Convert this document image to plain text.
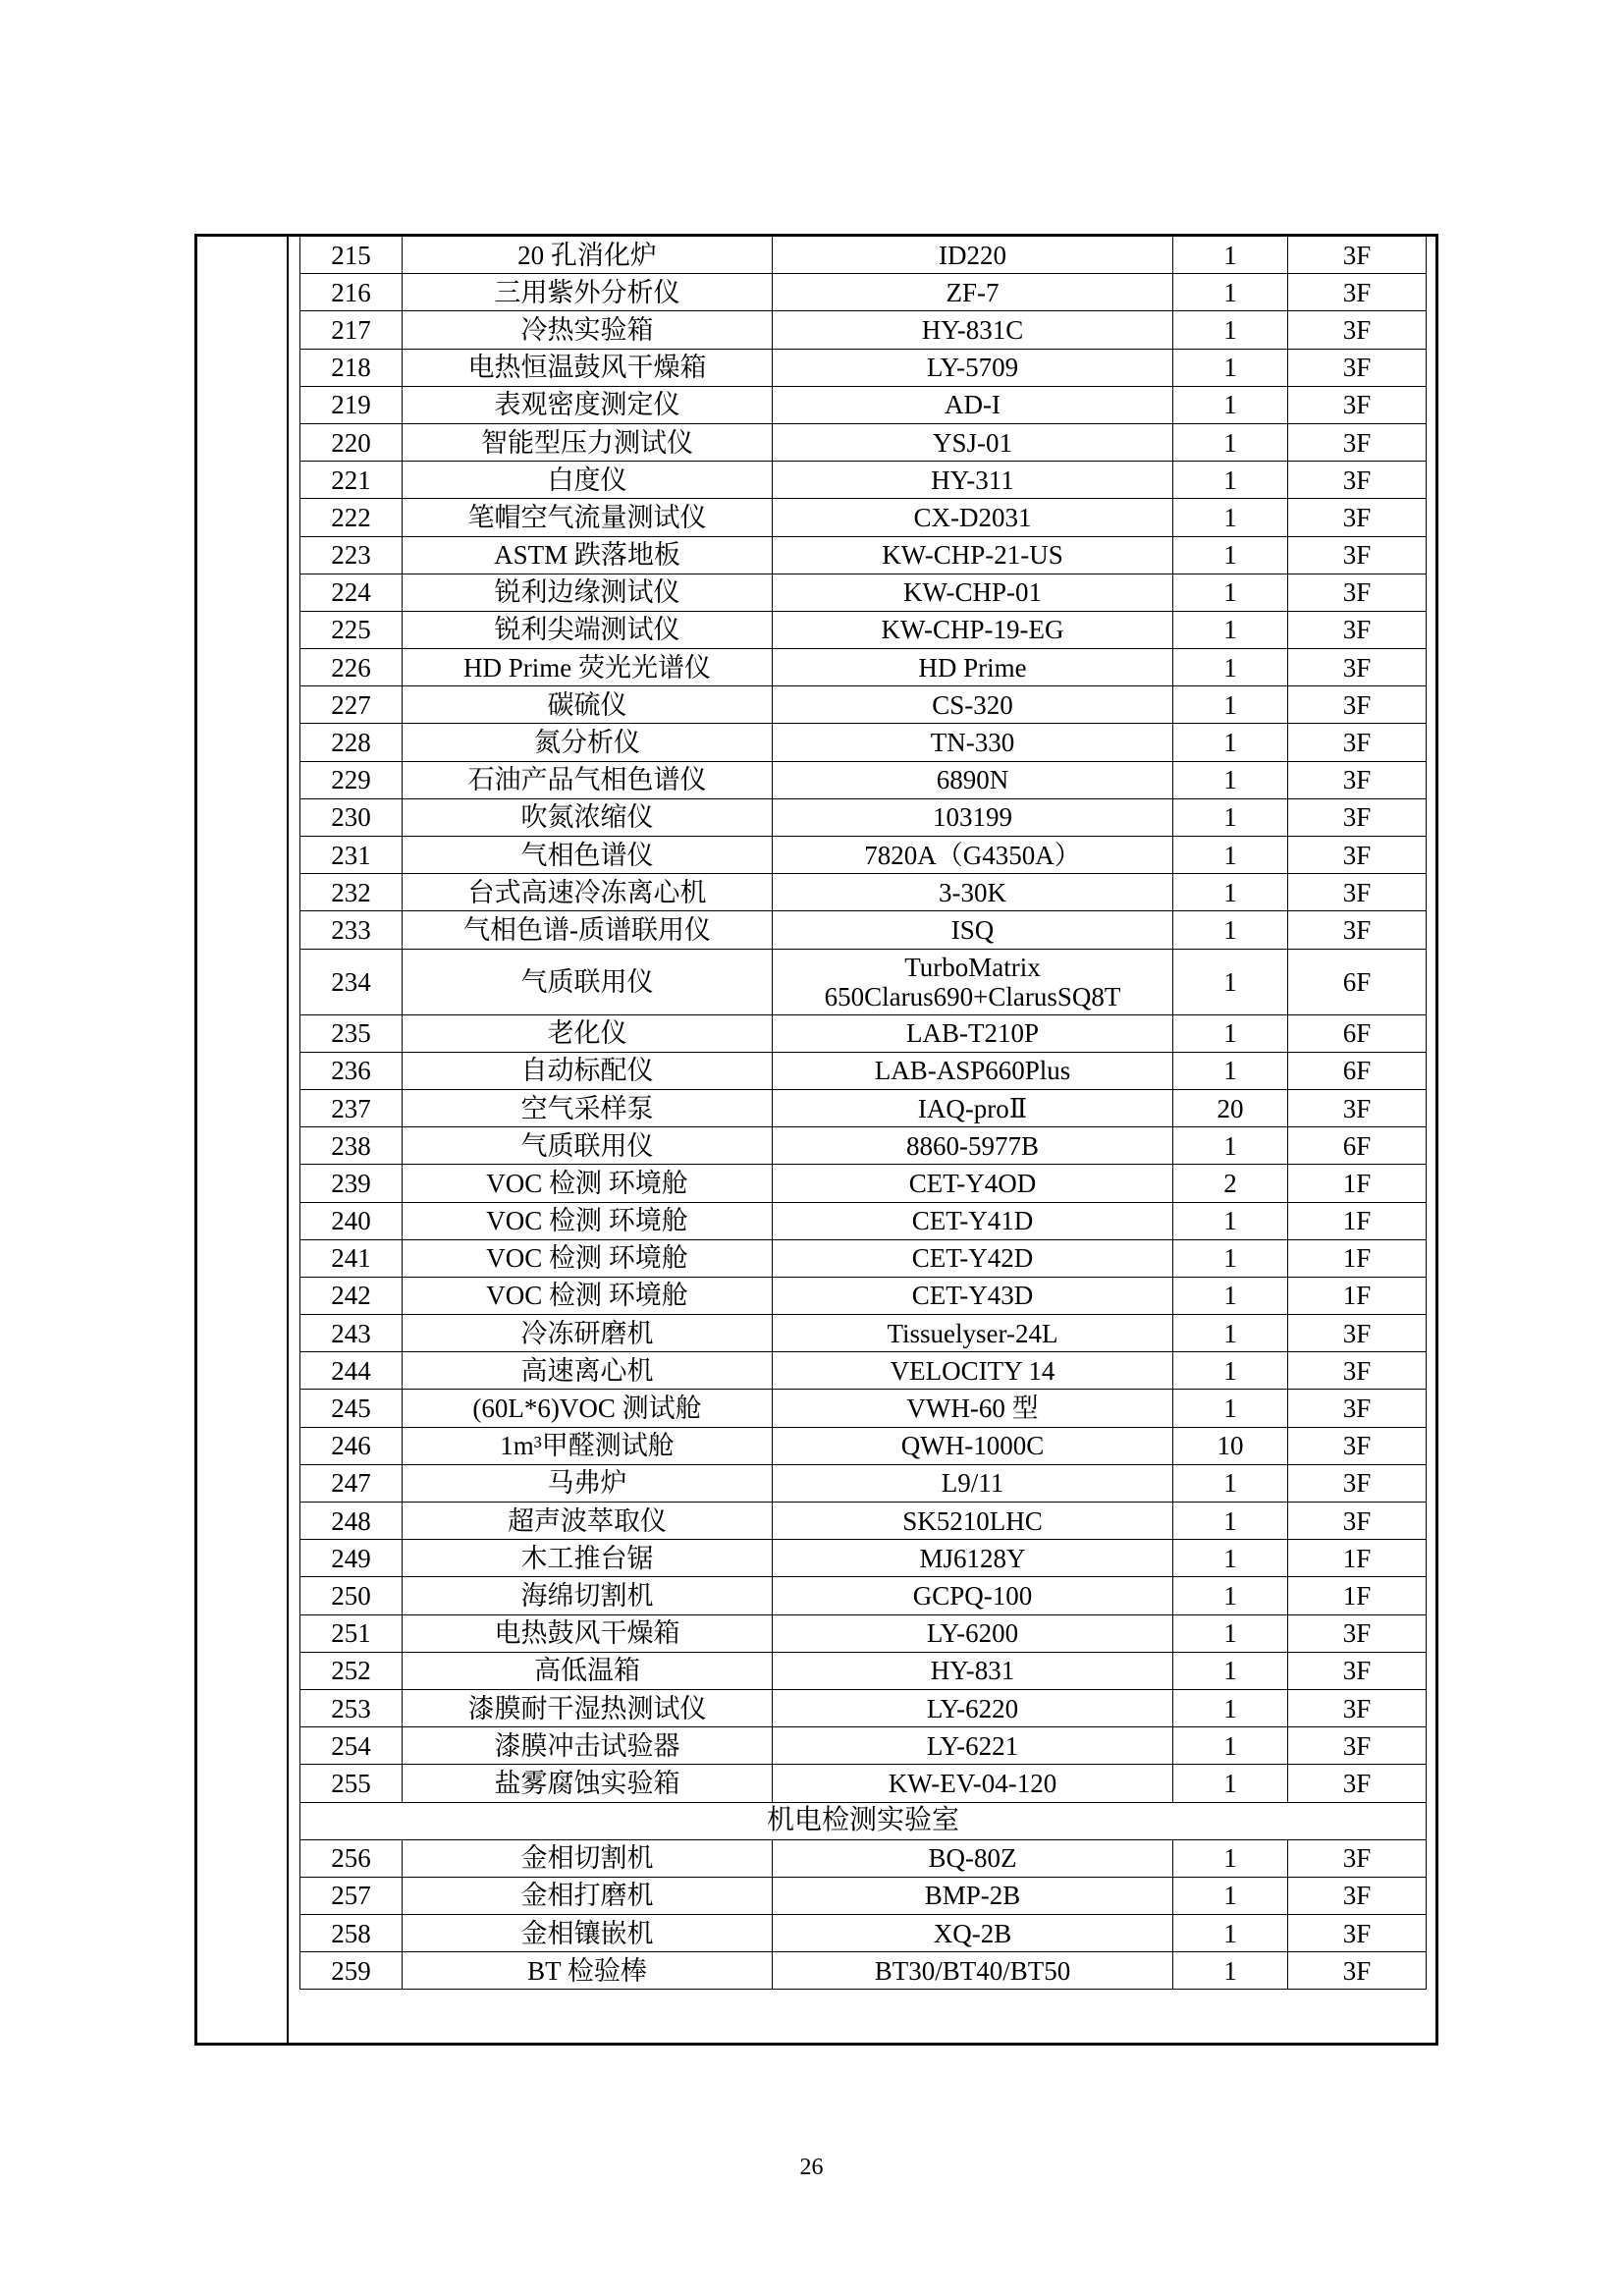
215	20 孔消化炉	ID220	1	3F
216	三用紫外分析仪	ZF-7	1	3F
217	冷热实验箱	HY-831C	1	3F
218	电热恒温鼓风干燥箱	LY-5709	1	3F
219	表观密度测定仪	AD-I	1	3F
220	智能型压力测试仪	YSJ-01	1	3F
221	白度仪	HY-311	1	3F
222	笔帽空气流量测试仪	CX-D2031	1	3F
223	ASTM 跌落地板	KW-CHP-21-US	1	3F
224	锐利边缘测试仪	KW-CHP-01	1	3F
225	锐利尖端测试仪	KW-CHP-19-EG	1	3F
226	HD Prime 荧光光谱仪	HD Prime	1	3F
227	碳硫仪	CS-320	1	3F
228	氮分析仪	TN-330	1	3F
229	石油产品气相色谱仪	6890N	1	3F
230	吹氮浓缩仪	103199	1	3F
231	气相色谱仪	7820A（G4350A）	1	3F
232	台式高速冷冻离心机	3-30K	1	3F
233	气相色谱-质谱联用仪	ISQ	1	3F
234	气质联用仪	TurboMatrix
650Clarus690+ClarusSQ8T	1	6F
235	老化仪	LAB-T210P	1	6F
236	自动标配仪	LAB-ASP660Plus	1	6F
237	空气采样泵	IAQ-proⅡ	20	3F
238	气质联用仪	8860-5977B	1	6F
239	VOC 检测 环境舱	CET-Y4OD	2	1F
240	VOC 检测 环境舱	CET-Y41D	1	1F
241	VOC 检测 环境舱	CET-Y42D	1	1F
242	VOC 检测 环境舱	CET-Y43D	1	1F
243	冷冻研磨机	Tissuelyser-24L	1	3F
244	高速离心机	VELOCITY 14	1	3F
245	(60L*6)VOC 测试舱	VWH-60 型	1	3F
246	1m³甲醛测试舱	QWH-1000C	10	3F
247	马弗炉	L9/11	1	3F
248	超声波萃取仪	SK5210LHC	1	3F
249	木工推台锯	MJ6128Y	1	1F
250	海绵切割机	GCPQ-100	1	1F
251	电热鼓风干燥箱	LY-6200	1	3F
252	高低温箱	HY-831	1	3F
253	漆膜耐干湿热测试仪	LY-6220	1	3F
254	漆膜冲击试验器	LY-6221	1	3F
255	盐雾腐蚀实验箱	KW-EV-04-120	1	3F
机电检测实验室				
256	金相切割机	BQ-80Z	1	3F
257	金相打磨机	BMP-2B	1	3F
258	金相镶嵌机	XQ-2B	1	3F
259	BT 检验棒	BT30/BT40/BT50	1	3F
26
